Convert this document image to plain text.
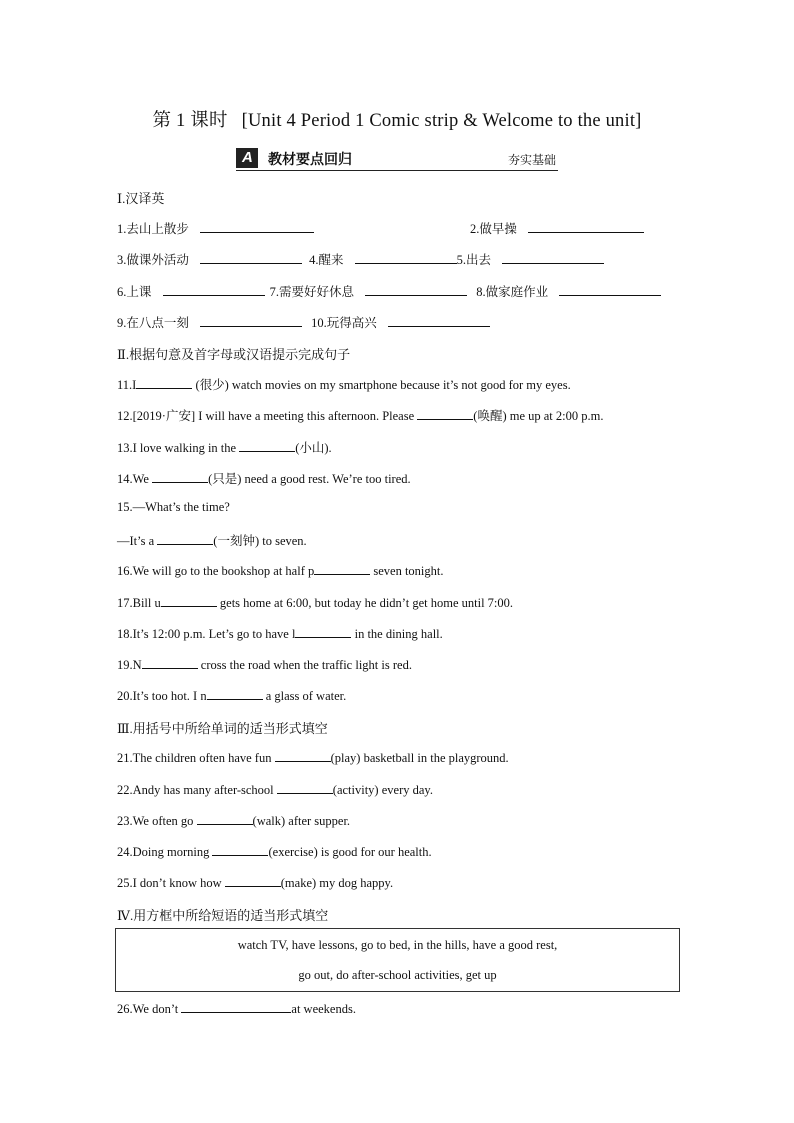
第 1 课时 [Unit 4 Period 1 Comic strip & Welcome to the unit]
A 教材要点回归	夯实基础
Ⅰ.汉译英
1.去山上散步	2.做早操
3.做课外活动	4.醒来	5.出去
6.上课	7.需要好好休息	8.做家庭作业
9.在八点一刻	10.玩得高兴
Ⅱ.根据句意及首字母或汉语提示完成句子
11.I	(很少) watch movies on my smartphone because it’s not good for my eyes.
12.[2019·广安] I will have a meeting this afternoon. Please	(唤醒) me up at 2:00 p.m.
13.I love walking in the	(小山).
14.We	(只是) need a good rest. We’re too tired.
15.—What’s the time?
—It’s a	(一刻钟) to seven.
16.We will go to the bookshop at half p	seven tonight.
17.Bill u	gets home at 6:00, but today he didn’t get home until 7:00.
18.It’s 12:00 p.m. Let’s go to have l	in the dining hall.
19.N	cross the road when the traffic light is red.
20.It’s too hot. I n	a glass of water.
Ⅲ.用括号中所给单词的适当形式填空
21.The children often have fun	(play) basketball in the playground.
22.Andy has many after-school	(activity) every day.
23.We often go	(walk) after supper.
24.Doing morning	(exercise) is good for our health.
25.I don’t know how	(make) my dog happy.
Ⅳ.用方框中所给短语的适当形式填空
watch TV, have lessons, go to bed, in the hills, have a good rest,
go out, do after-school activities, get up
26.We don’t	at weekends.
